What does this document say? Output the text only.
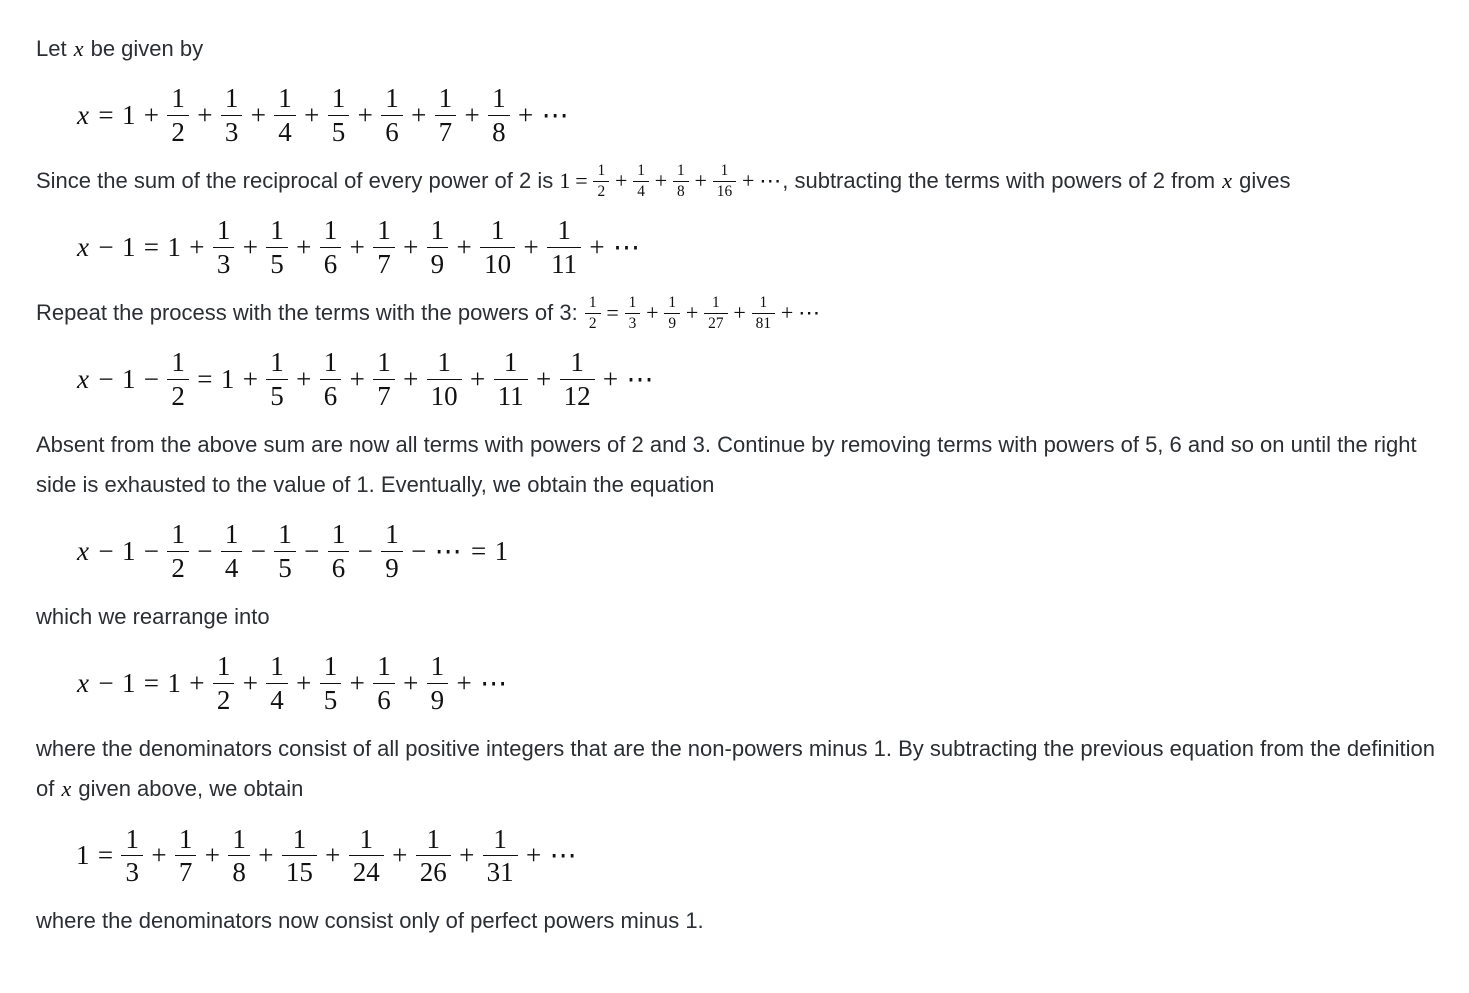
Let x be given by
$x = 1 + \frac{1}{2} + \frac{1}{3} + \frac{1}{4} + \frac{1}{5} + \frac{1}{6} + \frac{1}{7} + \frac{1}{8}$ + ⋯
Since the sum of the reciprocal of every power of 2 is $1 = \frac{1}{2} + \frac{1}{4} + \frac{1}{8} + \frac{1}{16}$ + ⋯, subtracting the terms with powers of 2 from x gives
$x - 1 = 1 + \frac{1}{3} + \frac{1}{5} + \frac{1}{6} + \frac{1}{7} + \frac{1}{9} + \frac{1}{10} + \frac{1}{11}$ + ⋯
Repeat the process with the terms with the powers of 3: $\frac{1}{2} = \frac{1}{3} + \frac{1}{9} + \frac{1}{27} + \frac{1}{81}$ + ⋯
$x - 1 - \frac{1}{2} = 1 + \frac{1}{5} + \frac{1}{6} + \frac{1}{7} + \frac{1}{10} + \frac{1}{11} + \frac{1}{12}$ + ⋯
Absent from the above sum are now all terms with powers of 2 and 3. Continue by removing terms with powers of 5, 6 and so on until the right side is exhausted to the value of 1. Eventually, we obtain the equation
$x - 1 - \frac{1}{2} - \frac{1}{4} - \frac{1}{5} - \frac{1}{6} - \frac{1}{9}$ − ⋯ = 1
which we rearrange into
$x - 1 = 1 + \frac{1}{2} + \frac{1}{4} + \frac{1}{5} + \frac{1}{6} + \frac{1}{9}$ + ⋯
where the denominators consist of all positive integers that are the non-powers minus 1. By subtracting the previous equation from the definition of x given above, we obtain
$1 = \frac{1}{3} + \frac{1}{7} + \frac{1}{8} + \frac{1}{15} + \frac{1}{24} + \frac{1}{26} + \frac{1}{31}$ + ⋯
where the denominators now consist only of perfect powers minus 1.
